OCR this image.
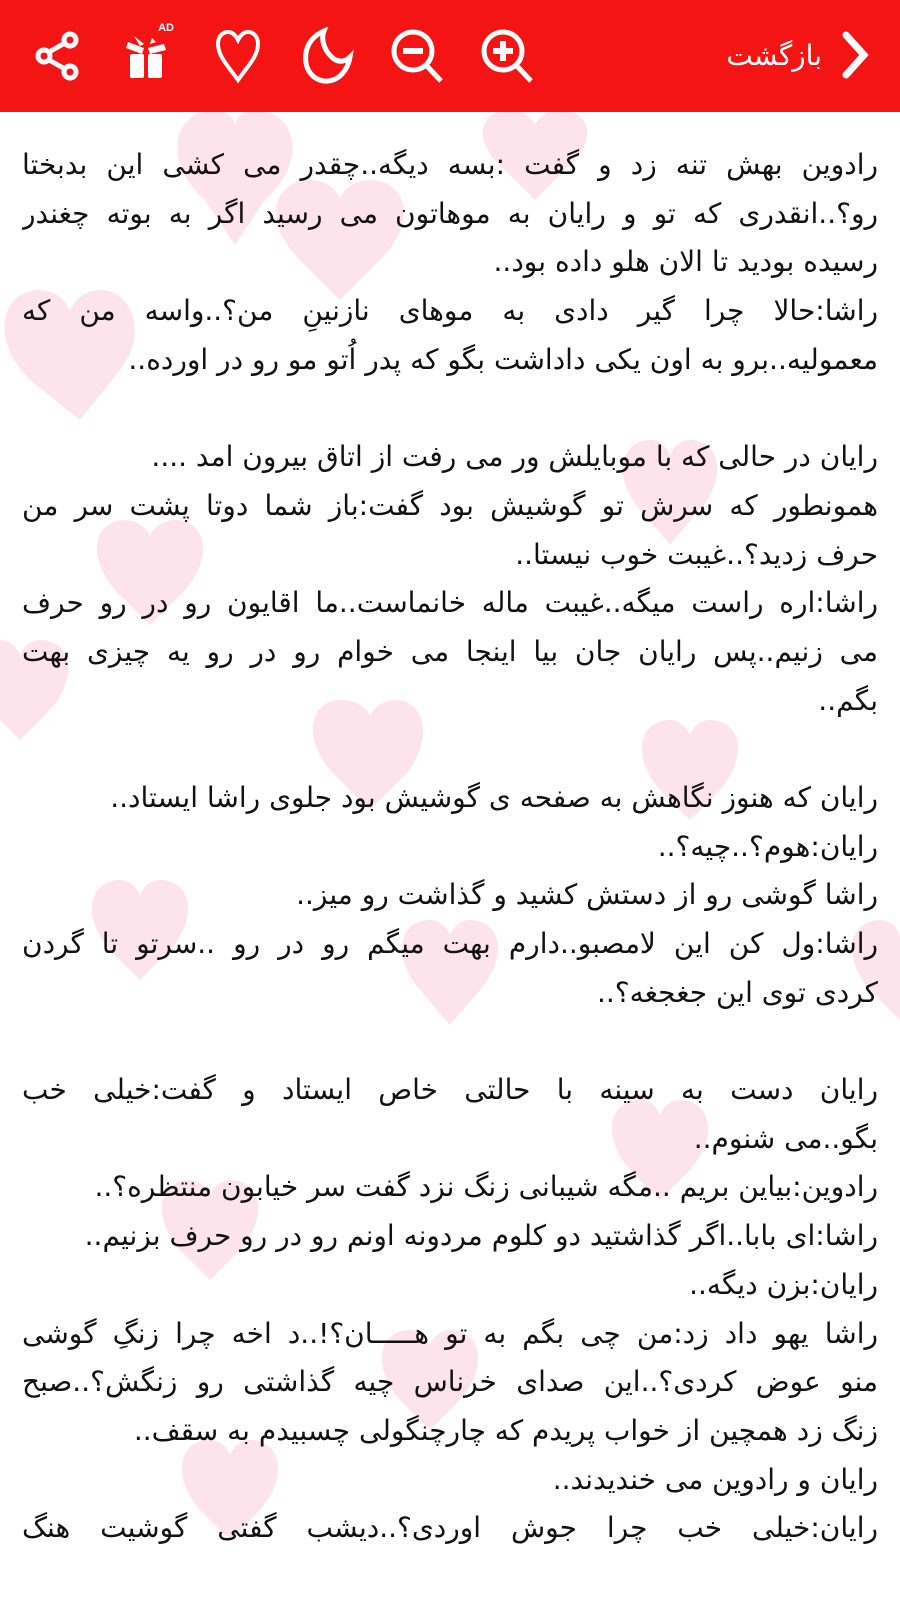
AD
بازگشت
رادوین بهش تنه زد و گفت :بسه دیگه..چقدر می کشی این بدبختا
رو؟..انقدری که تو و رایان به موهاتون می رسید اگر به بوته چغندر
رسیده بودید تا الان هلو داده بود..
راشا:حالا چرا گیر دادی به موهای نازنینِ من؟..واسه من که
معمولیه..برو به اون یکی داداشت بگو که پدر اُتو مو رو در اورده..
رایان در حالی که با موبایلش ور می رفت از اتاق بیرون امد ....
همونطور که سرش تو گوشیش بود گفت:باز شما دوتا پشت سر من
حرف زدید؟..غیبت خوب نیستا..
راشا:اره راست میگه..غیبت ماله خانماست..ما اقایون رو در رو حرف
می زنیم..پس رایان جان بیا اینجا می خوام رو در رو یه چیزی بهت
بگم..
رایان که هنوز نگاهش به صفحه ی گوشیش بود جلوی راشا ایستاد..
رایان:هوم؟..چیه؟..
راشا گوشی رو از دستش کشید و گذاشت رو میز..
راشا:ول کن این لامصبو..دارم بهت میگم رو در رو ..سرتو تا گردن
کردی توی این جغجغه؟..
رایان دست به سینه با حالتی خاص ایستاد و گفت:خیلی خب
بگو..می شنوم..
رادوین:بیاین بریم ..مگه شیبانی زنگ نزد گفت سر خیابون منتظره؟..
راشا:ای بابا..اگر گذاشتید دو کلوم مردونه اونم رو در رو حرف بزنیم..
رایان:بزن دیگه..
راشا یهو داد زد:من چی بگم به تو هـــــان؟!..د اخه چرا زنگِ گوشی
منو عوض کردی؟..این صدای خرناس چیه گذاشتی رو زنگش؟..صبح
زنگ زد همچین از خواب پریدم که چارچنگولی چسبیدم به سقف..
رایان و رادوین می خندیدند..
رایان:خیلی خب چرا جوش اوردی؟..دیشب گفتی گوشیت هنگ
